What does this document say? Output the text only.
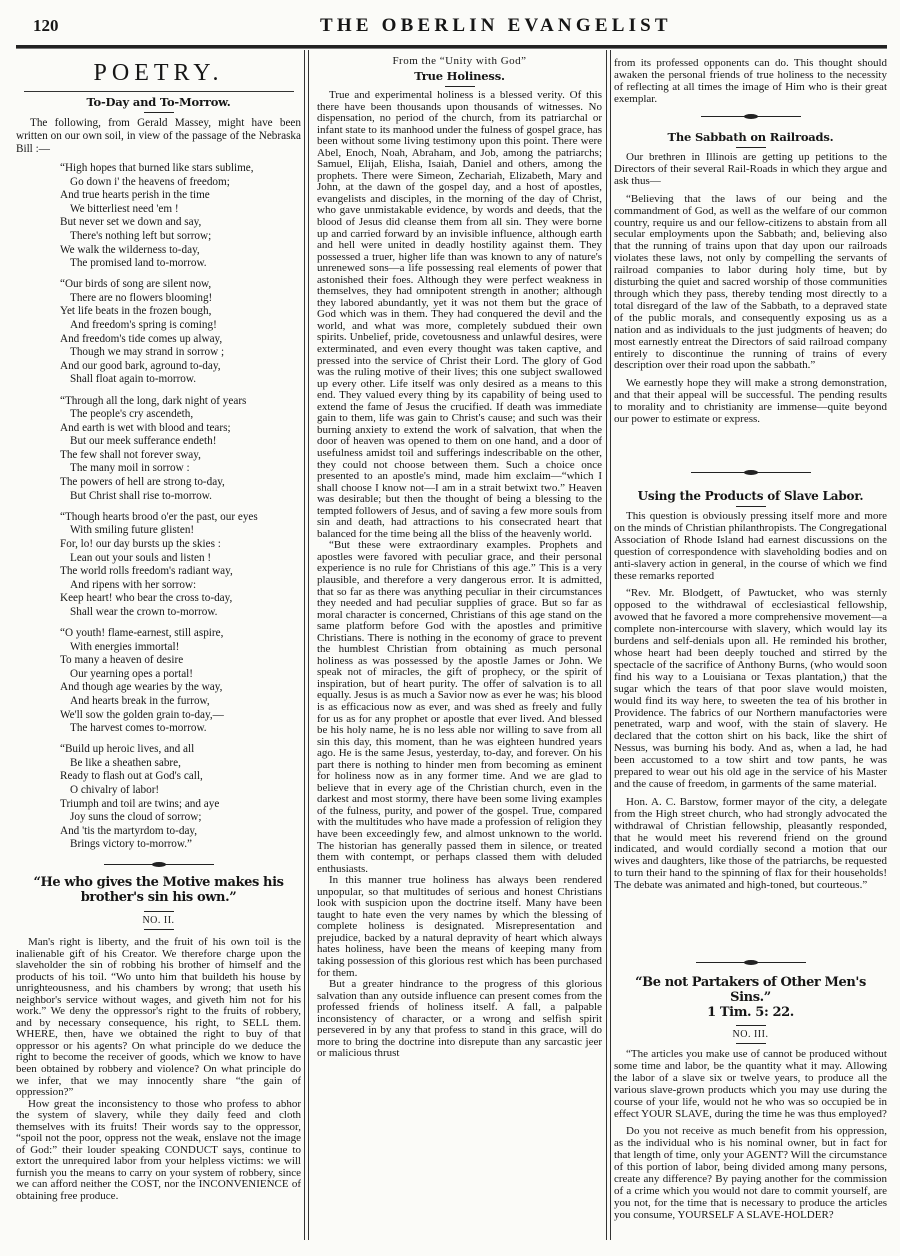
120	THE OBERLIN EVANGELIST
POETRY.
To-Day and To-Morrow.
The following, from Gerald Massey, might have been written on our own soil, in view of the passage of the Nebraska Bill :—
“High hopes that burned like stars sublime,
Go down i' the heavens of freedom;
And true hearts perish in the time
We bitterliest need 'em !
But never set we down and say,
There's nothing left but sorrow;
We walk the wilderness to-day,
The promised land to-morrow.
“Our birds of song are silent now,
There are no flowers blooming!
Yet life beats in the frozen bough,
And freedom's spring is coming!
And freedom's tide comes up alway,
Though we may strand in sorrow ;
And our good bark, aground to-day,
Shall float again to-morrow.
“Through all the long, dark night of years
The people's cry ascendeth,
And earth is wet with blood and tears;
But our meek sufferance endeth!
The few shall not forever sway,
The many moil in sorrow :
The powers of hell are strong to-day,
But Christ shall rise to-morrow.
“Though hearts brood o'er the past, our eyes
With smiling future glisten!
For, lo! our day bursts up the skies :
Lean out your souls and listen !
The world rolls freedom's radiant way,
And ripens with her sorrow:
Keep heart! who bear the cross to-day,
Shall wear the crown to-morrow.
“O youth! flame-earnest, still aspire,
With energies immortal!
To many a heaven of desire
Our yearning opes a portal!
And though age wearies by the way,
And hearts break in the furrow,
We'll sow the golden grain to-day,—
The harvest comes to-morrow.
“Build up heroic lives, and all
Be like a sheathen sabre,
Ready to flash out at God's call,
O chivalry of labor!
Triumph and toil are twins; and aye
Joy suns the cloud of sorrow;
And 'tis the martyrdom to-day,
Brings victory to-morrow.”
“He who gives the Motive makes his brother's sin his own.”
NO. II.

Man's right is liberty, and the fruit of his own toil is the inalienable gift of his Creator. We therefore charge upon the slaveholder the sin of robbing his brother of himself and the products of his toil. “Wo unto him that buildeth his house by unrighteousness, and his chambers by wrong; that useth his neighbor's service without wages, and giveth him not for his work.” We deny the oppressor's right to the fruits of robbery, and by necessary consequence, his right, to SELL them. WHERE, then, have we obtained the right to buy of that oppressor or his agents? On what principle do we deduce the right to become the receiver of goods, which we know to have been obtained by robbery and violence? On what principle do we infer, that we may innocently share “the gain of oppression?”

How great the inconsistency to those who profess to abhor the system of slavery, while they daily feed and cloth themselves with its fruits! Their words say to the oppressor, “spoil not the poor, oppress not the weak, enslave not the image of God:” their louder speaking CONDUCT says, continue to extort the unrequired labor from your helpless victims: we will furnish you the means to carry on your system of robbery, since we can afford neither the COST, nor the INCONVENIENCE of obtaining free produce.

From the “Unity with God”
True Holiness.

True and experimental holiness is a blessed verity. Of this there have been thousands upon thousands of witnesses. No dispensation, no period of the church, from its patriarchal or infant state to its manhood under the fulness of gospel grace, has been without some living testimony upon this point. There were Abel, Enoch, Noah, Abraham, and Job, among the patriarchs; Samuel, Elijah, Elisha, Isaiah, Daniel and others, among the prophets. There were Simeon, Zechariah, Elizabeth, Mary and John, at the dawn of the gospel day, and a host of apostles, evangelists and disciples, in the morning of the day of Christ, who gave unmistakable evidence, by words and deeds, that the blood of Jesus did cleanse them from all sin. They were borne up and carried forward by an invisible influence, although earth and hell were united in deadly hostility against them. They possessed a truer, higher life than was known to any of nature's unrenewed sons—a life possessing real elements of power that astonished their foes. Although they were perfect weakness in themselves, they had omnipotent strength in another; although they labored abundantly, yet it was not them but the grace of God which was in them. They had conquered the devil and the world, and what was more, completely subdued their own spirits. Unbelief, pride, covetousness and unlawful desires, were exterminated, and even every thought was taken captive, and pressed into the service of Christ their Lord. The glory of God was the ruling motive of their lives; this one subject swallowed up every other. Life itself was only desired as a means to this end. They valued every thing by its capability of being used to extend the fame of Jesus the crucified. If death was immediate gain to them, life was gain to Christ's cause; and such was their burning anxiety to extend the work of salvation, that when the door of heaven was opened to them on one hand, and a door of usefulness amidst toil and sufferings indescribable on the other, they could not choose between them. Such a choice once presented to an apostle's mind, made him exclaim—“which I shall choose I know not—I am in a strait betwixt two.” Heaven was desirable; but then the thought of being a blessing to the tempted followers of Jesus, and of saving a few more souls from sin and death, had attractions to his consecrated heart that balanced for the time being all the bliss of the heavenly world.

“But these were extraordinary examples. Prophets and apostles were favored with peculiar grace, and their personal experience is no rule for Christians of this age.” This is a very plausible, and therefore a very dangerous error. It is admitted, that so far as there was anything peculiar in their circumstances they needed and had peculiar supplies of grace. But so far as moral character is concerned, Christians of this age stand on the same platform before God with the apostles and primitive Christians. There is nothing in the economy of grace to prevent the humblest Christian from obtaining as much personal holiness as was possessed by the apostle James or John. We speak not of miracles, the gift of prophecy, or the spirit of inspiration, but of heart purity. The offer of salvation is to all equally. Jesus is as much a Savior now as ever he was; his blood is as efficacious now as ever, and was shed as freely and fully for us as for any prophet or apostle that ever lived. And blessed be his holy name, he is no less able nor willing to save from all sin this day, this moment, than he was eighteen hundred years ago. He is the same Jesus, yesterday, to-day, and forever. On his part there is nothing to hinder men from becoming as eminent for holiness now as in any former time. And we are glad to believe that in every age of the Christian church, even in the darkest and most stormy, there have been some living examples of the fulness, purity, and power of the gospel. True, compared with the multitudes who have made a profession of religion they have been exceedingly few, and almost unknown to the world. The historian has generally passed them in silence, or treated them with contempt, or perhaps classed them with deluded enthusiasts.

In this manner true holiness has always been rendered unpopular, so that multitudes of serious and honest Christians look with suspicion upon the doctrine itself. Many have been taught to hate even the very names by which the blessing of complete holiness is designated. Misrepresentation and prejudice, backed by a natural depravity of heart which always hates holiness, have been the means of keeping many from taking possession of this glorious rest which has been purchased for them.

But a greater hindrance to the progress of this glorious salvation than any outside influence can present comes from the professed friends of holiness itself. A fall, a palpable inconsistency of character, or a wrong and selfish spirit persevered in by any that profess to stand in this grace, will do more to bring the doctrine into disrepute than any sarcastic jeer or malicious thrust

from its professed opponents can do. This thought should awaken the personal friends of true holiness to the necessity of reflecting at all times the image of Him who is their great exemplar.

The Sabbath on Railroads.

Our brethren in Illinois are getting up petitions to the Directors of their several Rail-Roads in which they argue and ask thus—

“Believing that the laws of our being and the commandment of God, as well as the welfare of our common country, require us and our fellow-citizens to abstain from all secular employments upon the Sabbath; and, believing also that the running of trains upon that day upon our railroads violates these laws, not only by compelling the servants of railroad companies to labor during holy time, but by disturbing the quiet and sacred worship of those communities through which they pass, thereby tending most directly to a total disregard of the law of the Sabbath, to a depraved state of the public morals, and consequently exposing us as a nation and as individuals to the just judgments of heaven; do most earnestly entreat the Directors of said railroad company entirely to discontinue the running of trains of every description over their road upon the sabbath.”

We earnestly hope they will make a strong demonstration, and that their appeal will be successful. The pending results to morality and to christianity are immense—quite beyond our power to estimate or express.

Using the Products of Slave Labor.

This question is obviously pressing itself more and more on the minds of Christian philanthropists. The Congregational Association of Rhode Island had earnest discussions on the question of correspondence with slaveholding bodies and on anti-slavery action in general, in the course of which we find these remarks reported

“Rev. Mr. Blodgett, of Pawtucket, who was sternly opposed to the withdrawal of ecclesiastical fellowship, avowed that he favored a more comprehensive movement—a complete non-intercourse with slavery, which would lay its burdens and self-denials upon all. He reminded his brother, whose heart had been deeply touched and stirred by the spectacle of the sacrifice of Anthony Burns, (who would soon find his way to a Louisiana or Texas plantation,) that the sugar which the tears of that poor slave would moisten, would find its way here, to sweeten the tea of his brother in Providence. The fabrics of our Northern manufactories were penetrated, warp and woof, with the stain of slavery. He declared that the cotton shirt on his back, like the shirt of Nessus, was burning his body. And as, when a lad, he had been accustomed to a tow shirt and tow pants, he was prepared to wear out his old age in the service of his Master and the cause of freedom, in garments of the same material.

Hon. A. C. Barstow, former mayor of the city, a delegate from the High street church, who had strongly advocated the withdrawal of Christian fellowship, pleasantly responded, that he would meet his reverend friend on the ground indicated, and would cordially second a motion that our wives and daughters, like those of the patriarchs, be requested to turn their hand to the spinning of flax for their households! The debate was animated and high-toned, but courteous.”

“Be not Partakers of Other Men's Sins.”
1 Tim. 5: 22.
NO. III.

“The articles you make use of cannot be produced without some time and labor, be the quantity what it may. Allowing the labor of a slave six or twelve years, to produce all the various slave-grown products which you may use during the course of your life, would not he who was so occupied be in effect YOUR SLAVE, during the time he was thus employed?

Do you not receive as much benefit from his oppression, as the individual who is his nominal owner, but in fact for that length of time, only your AGENT? Will the circumstance of this portion of labor, being divided among many persons, create any difference? By paying another for the commission of a crime which you would not dare to commit yourself, are you not, for the time that is necessary to produce the articles you consume, YOURSELF A SLAVE-HOLDER?
